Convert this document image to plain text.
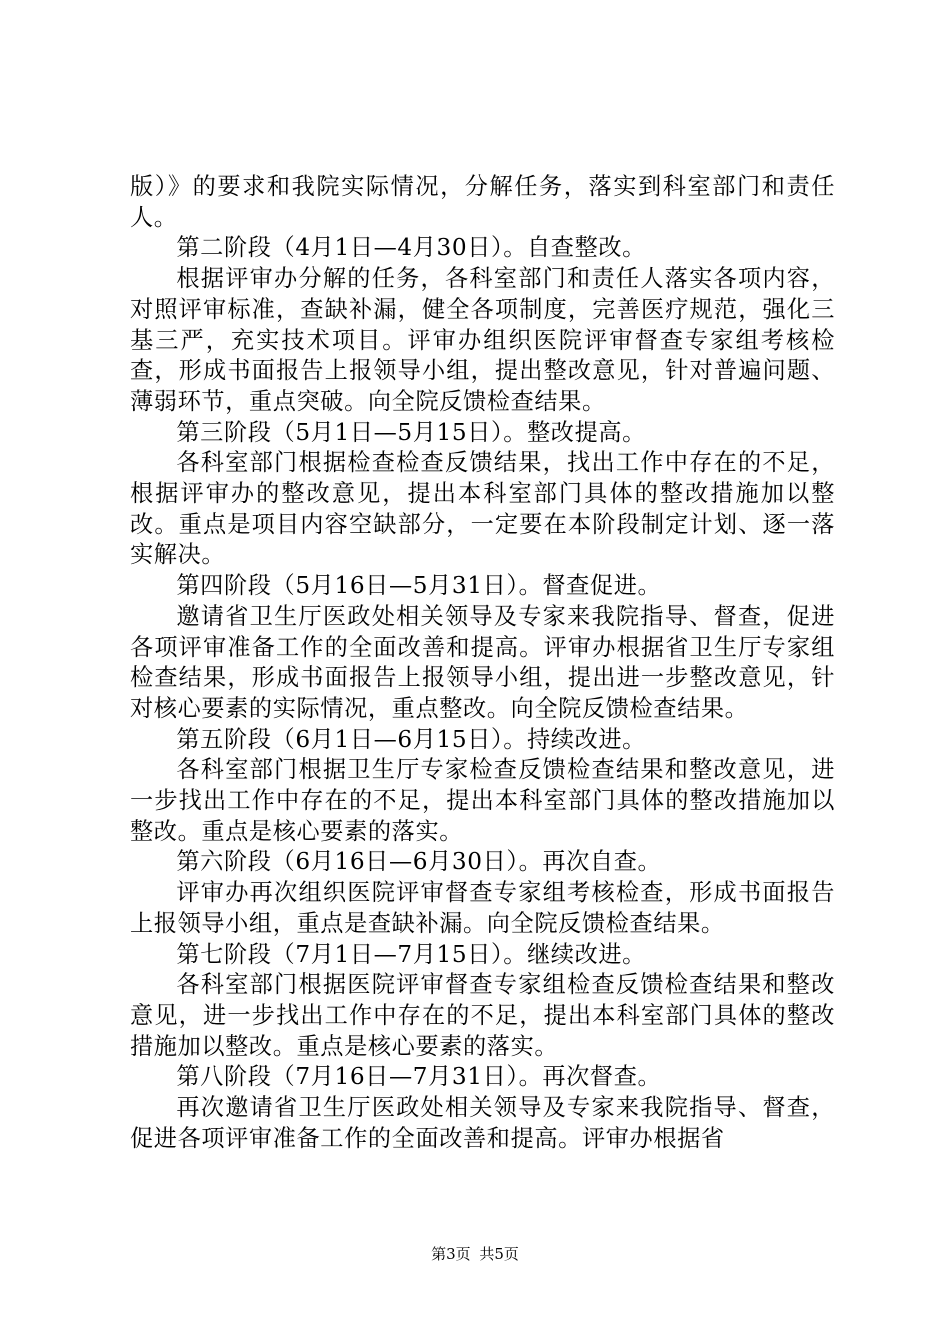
版）》的要求和我院实际情况，分解任务，落实到科室部门和责任人。

第二阶段（4月1日—4月30日）。自查整改。

根据评审办分解的任务，各科室部门和责任人落实各项内容，对照评审标准，查缺补漏，健全各项制度，完善医疗规范，强化三基三严，充实技术项目。评审办组织医院评审督查专家组考核检查，形成书面报告上报领导小组，提出整改意见，针对普遍问题、薄弱环节，重点突破。向全院反馈检查结果。

第三阶段（5月1日—5月15日）。整改提高。

各科室部门根据检查检查反馈结果，找出工作中存在的不足，根据评审办的整改意见，提出本科室部门具体的整改措施加以整改。重点是项目内容空缺部分，一定要在本阶段制定计划、逐一落实解决。

第四阶段（5月16日—5月31日）。督查促进。

邀请省卫生厅医政处相关领导及专家来我院指导、督查，促进各项评审准备工作的全面改善和提高。评审办根据省卫生厅专家组检查结果，形成书面报告上报领导小组，提出进一步整改意见，针对核心要素的实际情况，重点整改。向全院反馈检查结果。

第五阶段（6月1日—6月15日）。持续改进。

各科室部门根据卫生厅专家检查反馈检查结果和整改意见，进一步找出工作中存在的不足，提出本科室部门具体的整改措施加以整改。重点是核心要素的落实。

第六阶段（6月16日—6月30日）。再次自查。

评审办再次组织医院评审督查专家组考核检查，形成书面报告上报领导小组，重点是查缺补漏。向全院反馈检查结果。

第七阶段（7月1日—7月15日）。继续改进。

各科室部门根据医院评审督查专家组检查反馈检查结果和整改意见，进一步找出工作中存在的不足，提出本科室部门具体的整改措施加以整改。重点是核心要素的落实。

第八阶段（7月16日—7月31日）。再次督查。

再次邀请省卫生厅医政处相关领导及专家来我院指导、督查，促进各项评审准备工作的全面改善和提高。评审办根据省

第3页 共5页
